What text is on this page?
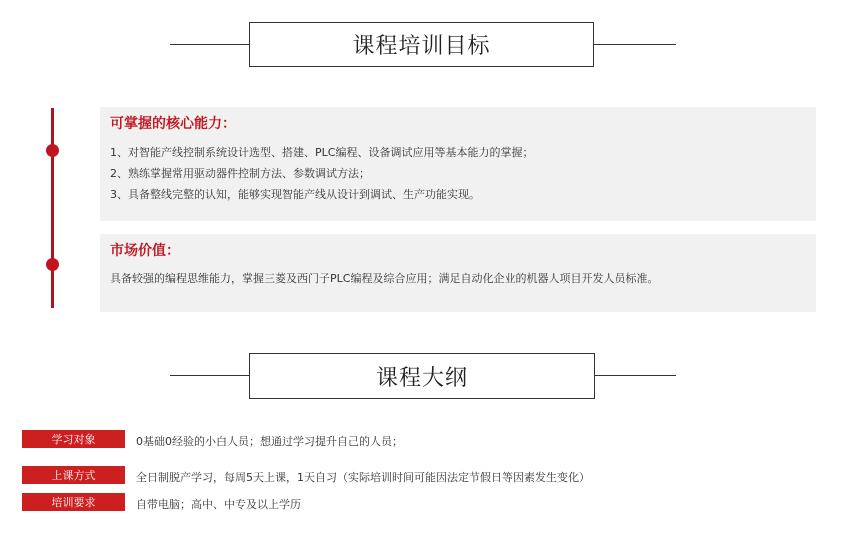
课程培训目标
可掌握的核心能力：
1、对智能产线控制系统设计选型、搭建、PLC编程、设备调试应用等基本能力的掌握；
2、熟练掌握常用驱动器件控制方法、参数调试方法；
3、具备整线完整的认知，能够实现智能产线从设计到调试、生产功能实现。
市场价值：
具备较强的编程思维能力，掌握三菱及西门子PLC编程及综合应用；满足自动化企业的机器人项目开发人员标准。
课程大纲
学习对象	0基础0经验的小白人员；想通过学习提升自己的人员；
上课方式	全日制脱产学习，每周5天上课，1天自习（实际培训时间可能因法定节假日等因素发生变化）
培训要求	自带电脑；高中、中专及以上学历
